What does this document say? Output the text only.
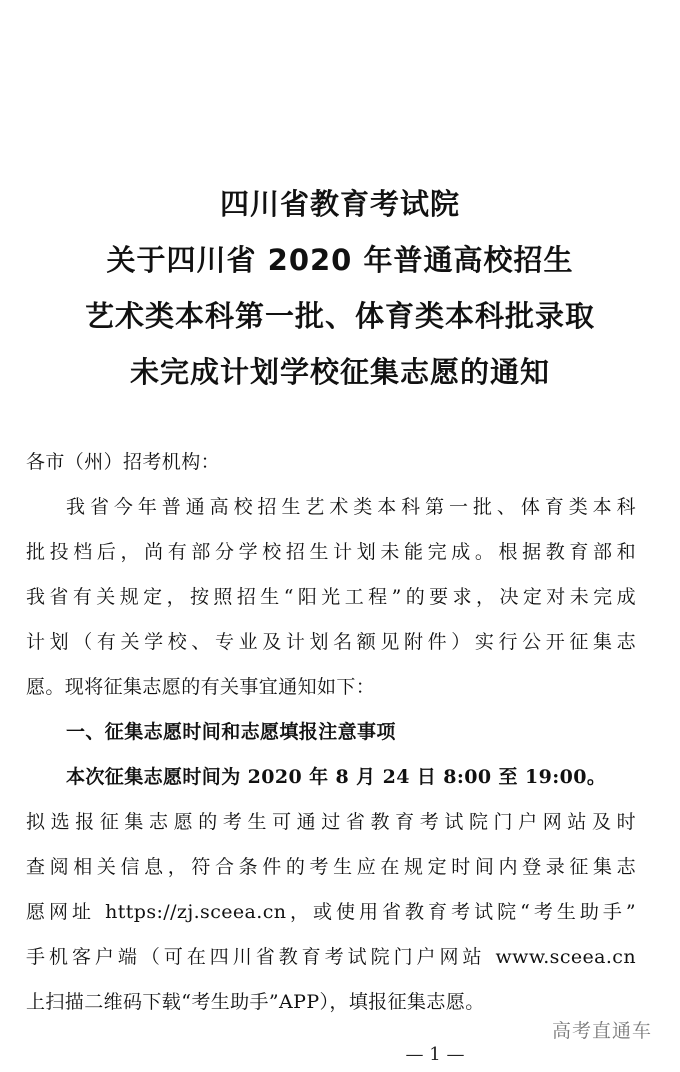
四川省教育考试院
关于四川省 2020 年普通高校招生
艺术类本科第一批、体育类本科批录取
未完成计划学校征集志愿的通知
各市（州）招考机构：
我省今年普通高校招生艺术类本科第一批、体育类本科
批投档后，尚有部分学校招生计划未能完成。根据教育部和
我省有关规定，按照招生“阳光工程”的要求，决定对未完成
计划（有关学校、专业及计划名额见附件）实行公开征集志
愿。现将征集志愿的有关事宜通知如下：
一、征集志愿时间和志愿填报注意事项
本次征集志愿时间为 2020 年 8 月 24 日 8:00 至 19:00。
拟选报征集志愿的考生可通过省教育考试院门户网站及时
查阅相关信息，符合条件的考生应在规定时间内登录征集志
愿网址 https://zj.sceea.cn，或使用省教育考试院“考生助手”
手机客户端（可在四川省教育考试院门户网站 www.sceea.cn
上扫描二维码下载“考生助手”APP），填报征集志愿。
高考直通车
— 1 —
